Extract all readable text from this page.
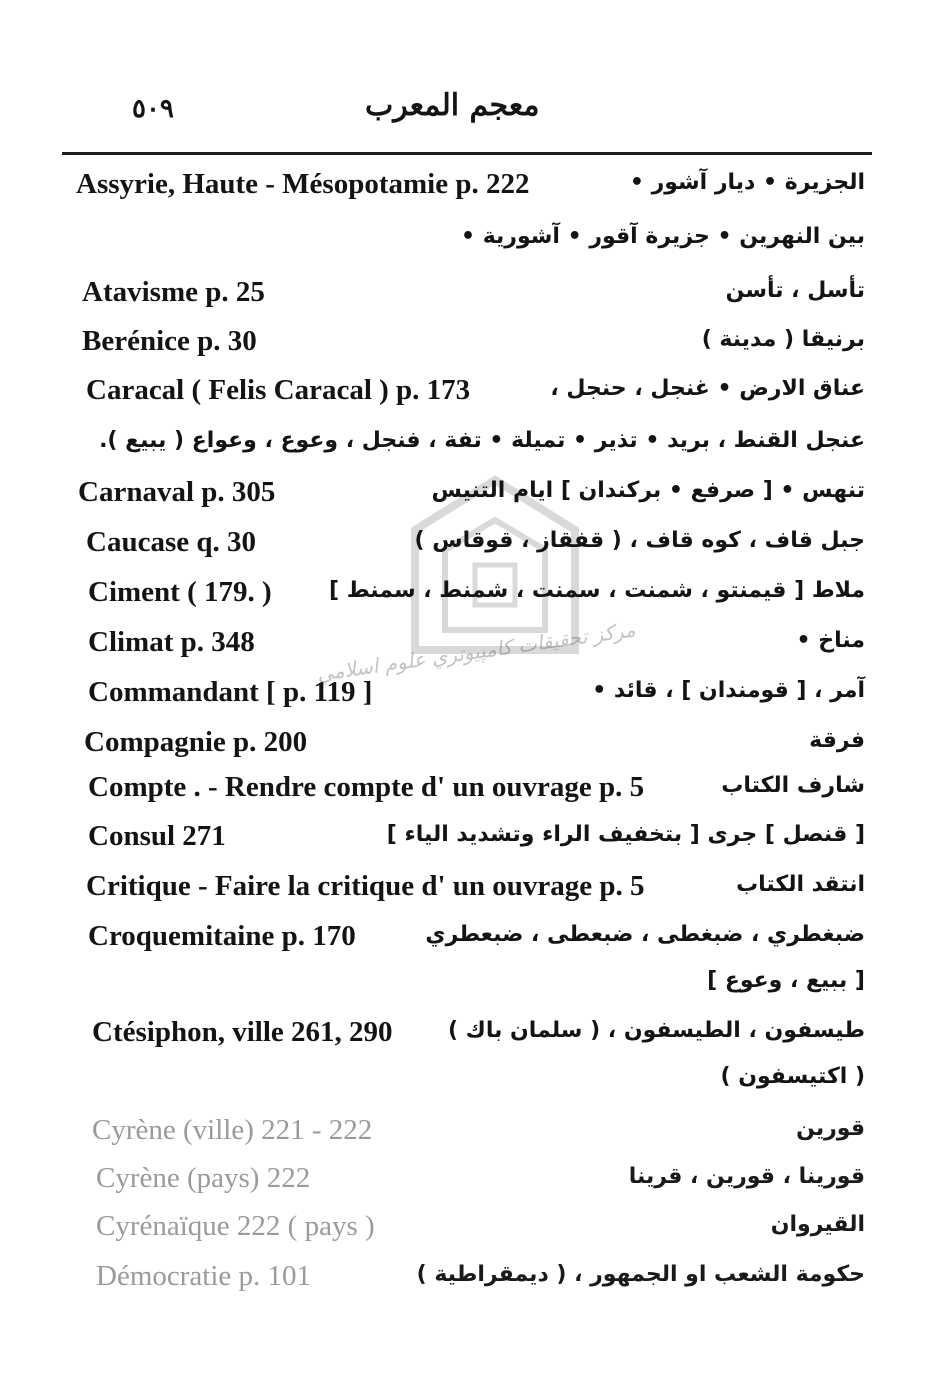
٥٠٩	معجم المعرب
مركز تحقيقات كامپيوتري علوم اسلامي
Assyrie, Haute - Mésopotamie p. 222	الجزيرة • ديار آشور •
بين النهرين • جزيرة آقور • آشورية •
Atavisme p. 25	تأسل ، تأسن
Berénice p. 30	برنيقا ( مدينة )
Caracal ( Felis Caracal ) p. 173	عناق الارض • غنجل ، حنجل ،
عنجل القنط ، برید • تذير • تميلة • تفة ، فنجل ، وعوع ، وعواع ( يبيع ).
Carnaval p. 305	تنهس • [ صرفع • بركندان ] ايام التنيس
Caucase q. 30	جبل قاف ، كوه قاف ، ( قفقاز ، قوقاس )
Ciment ( 179. )	ملاط [ قيمنتو ، شمنت ، سمنت ، شمنط ، سمنط ]
Climat p. 348	مناخ •
Commandant [ p. 119 ]	آمر ، [ قومندان ] ، قائد •
Compagnie p. 200	فرقة
Compte . - Rendre compte d' un ouvrage p. 5	شارف الكتاب
Consul 271	[ قنصل ] جرى [ بتخفيف الراء وتشديد الياء ]
Critique - Faire la critique d' un ouvrage p. 5	انتقد الكتاب
Croquemitaine p. 170	ضبغطري ، ضبغطى ، ضبعطى ، ضبعطري
[ ببيع ، وعوع ]
Ctésiphon, ville 261, 290	طيسفون ، الطيسفون ، ( سلمان باك )
( اكتيسفون )
Cyrène (ville) 221 - 222	قورين
Cyrène (pays) 222	قورينا ، قورين ، قرينا
Cyrénaïque 222 ( pays )	القيروان
Démocratie p. 101	حكومة الشعب او الجمهور ، ( ديمقراطية )
